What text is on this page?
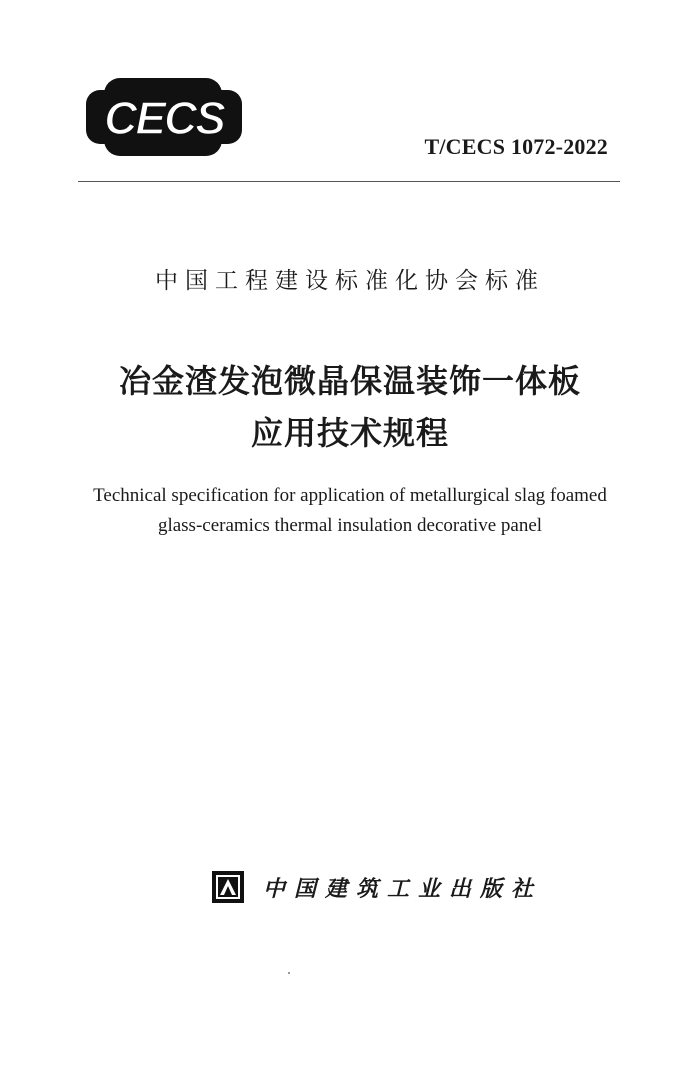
CECS
T/CECS 1072-2022
中国工程建设标准化协会标准
冶金渣发泡微晶保温装饰一体板
应用技术规程
Technical specification for application of metallurgical slag foamed
glass-ceramics thermal insulation decorative panel
中国建筑工业出版社
